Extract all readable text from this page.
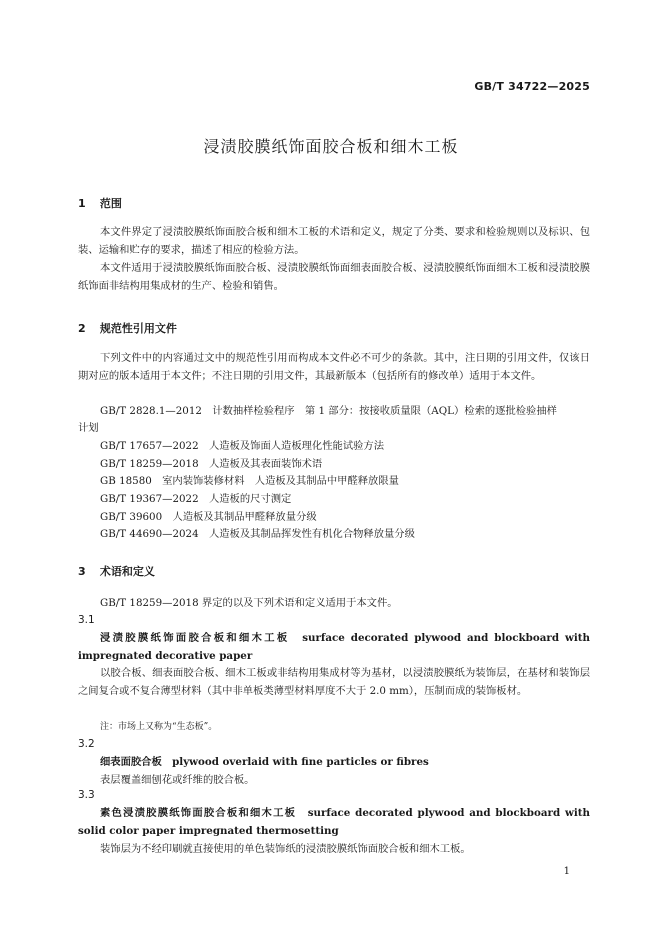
GB/T 34722—2025
浸渍胶膜纸饰面胶合板和细木工板
1 范围
本文件界定了浸渍胶膜纸饰面胶合板和细木工板的术语和定义，规定了分类、要求和检验规则以及标识、包装、运输和贮存的要求，描述了相应的检验方法。
本文件适用于浸渍胶膜纸饰面胶合板、浸渍胶膜纸饰面细表面胶合板、浸渍胶膜纸饰面细木工板和浸渍胶膜纸饰面非结构用集成材的生产、检验和销售。
2 规范性引用文件
下列文件中的内容通过文中的规范性引用而构成本文件必不可少的条款。其中，注日期的引用文件，仅该日期对应的版本适用于本文件；不注日期的引用文件，其最新版本（包括所有的修改单）适用于本文件。
GB/T 2828.1—2012　计数抽样检验程序　第 1 部分：按接收质量限（AQL）检索的逐批检验抽样
计划
GB/T 17657—2022　人造板及饰面人造板理化性能试验方法
GB/T 18259—2018　人造板及其表面装饰术语
GB 18580　室内装饰装修材料　人造板及其制品中甲醛释放限量
GB/T 19367—2022　人造板的尺寸测定
GB/T 39600　人造板及其制品甲醛释放量分级
GB/T 44690—2024　人造板及其制品挥发性有机化合物释放量分级
3 术语和定义
GB/T 18259—2018 界定的以及下列术语和定义适用于本文件。
3.1
浸渍胶膜纸饰面胶合板和细木工板　 surface decorated plywood and blockboard with impregnated decorative paper
以胶合板、细表面胶合板、细木工板或非结构用集成材等为基材，以浸渍胶膜纸为装饰层，在基材和装饰层之间复合或不复合薄型材料（其中非单板类薄型材料厚度不大于 2.0 mm），压制而成的装饰板材。
注：市场上又称为“生态板”。
3.2
细表面胶合板　 plywood overlaid with fine particles or fibres
表层覆盖细刨花或纤维的胶合板。
3.3
素色浸渍胶膜纸饰面胶合板和细木工板　 surface decorated plywood and blockboard with solid color paper impregnated thermosetting
装饰层为不经印刷就直接使用的单色装饰纸的浸渍胶膜纸饰面胶合板和细木工板。
1
